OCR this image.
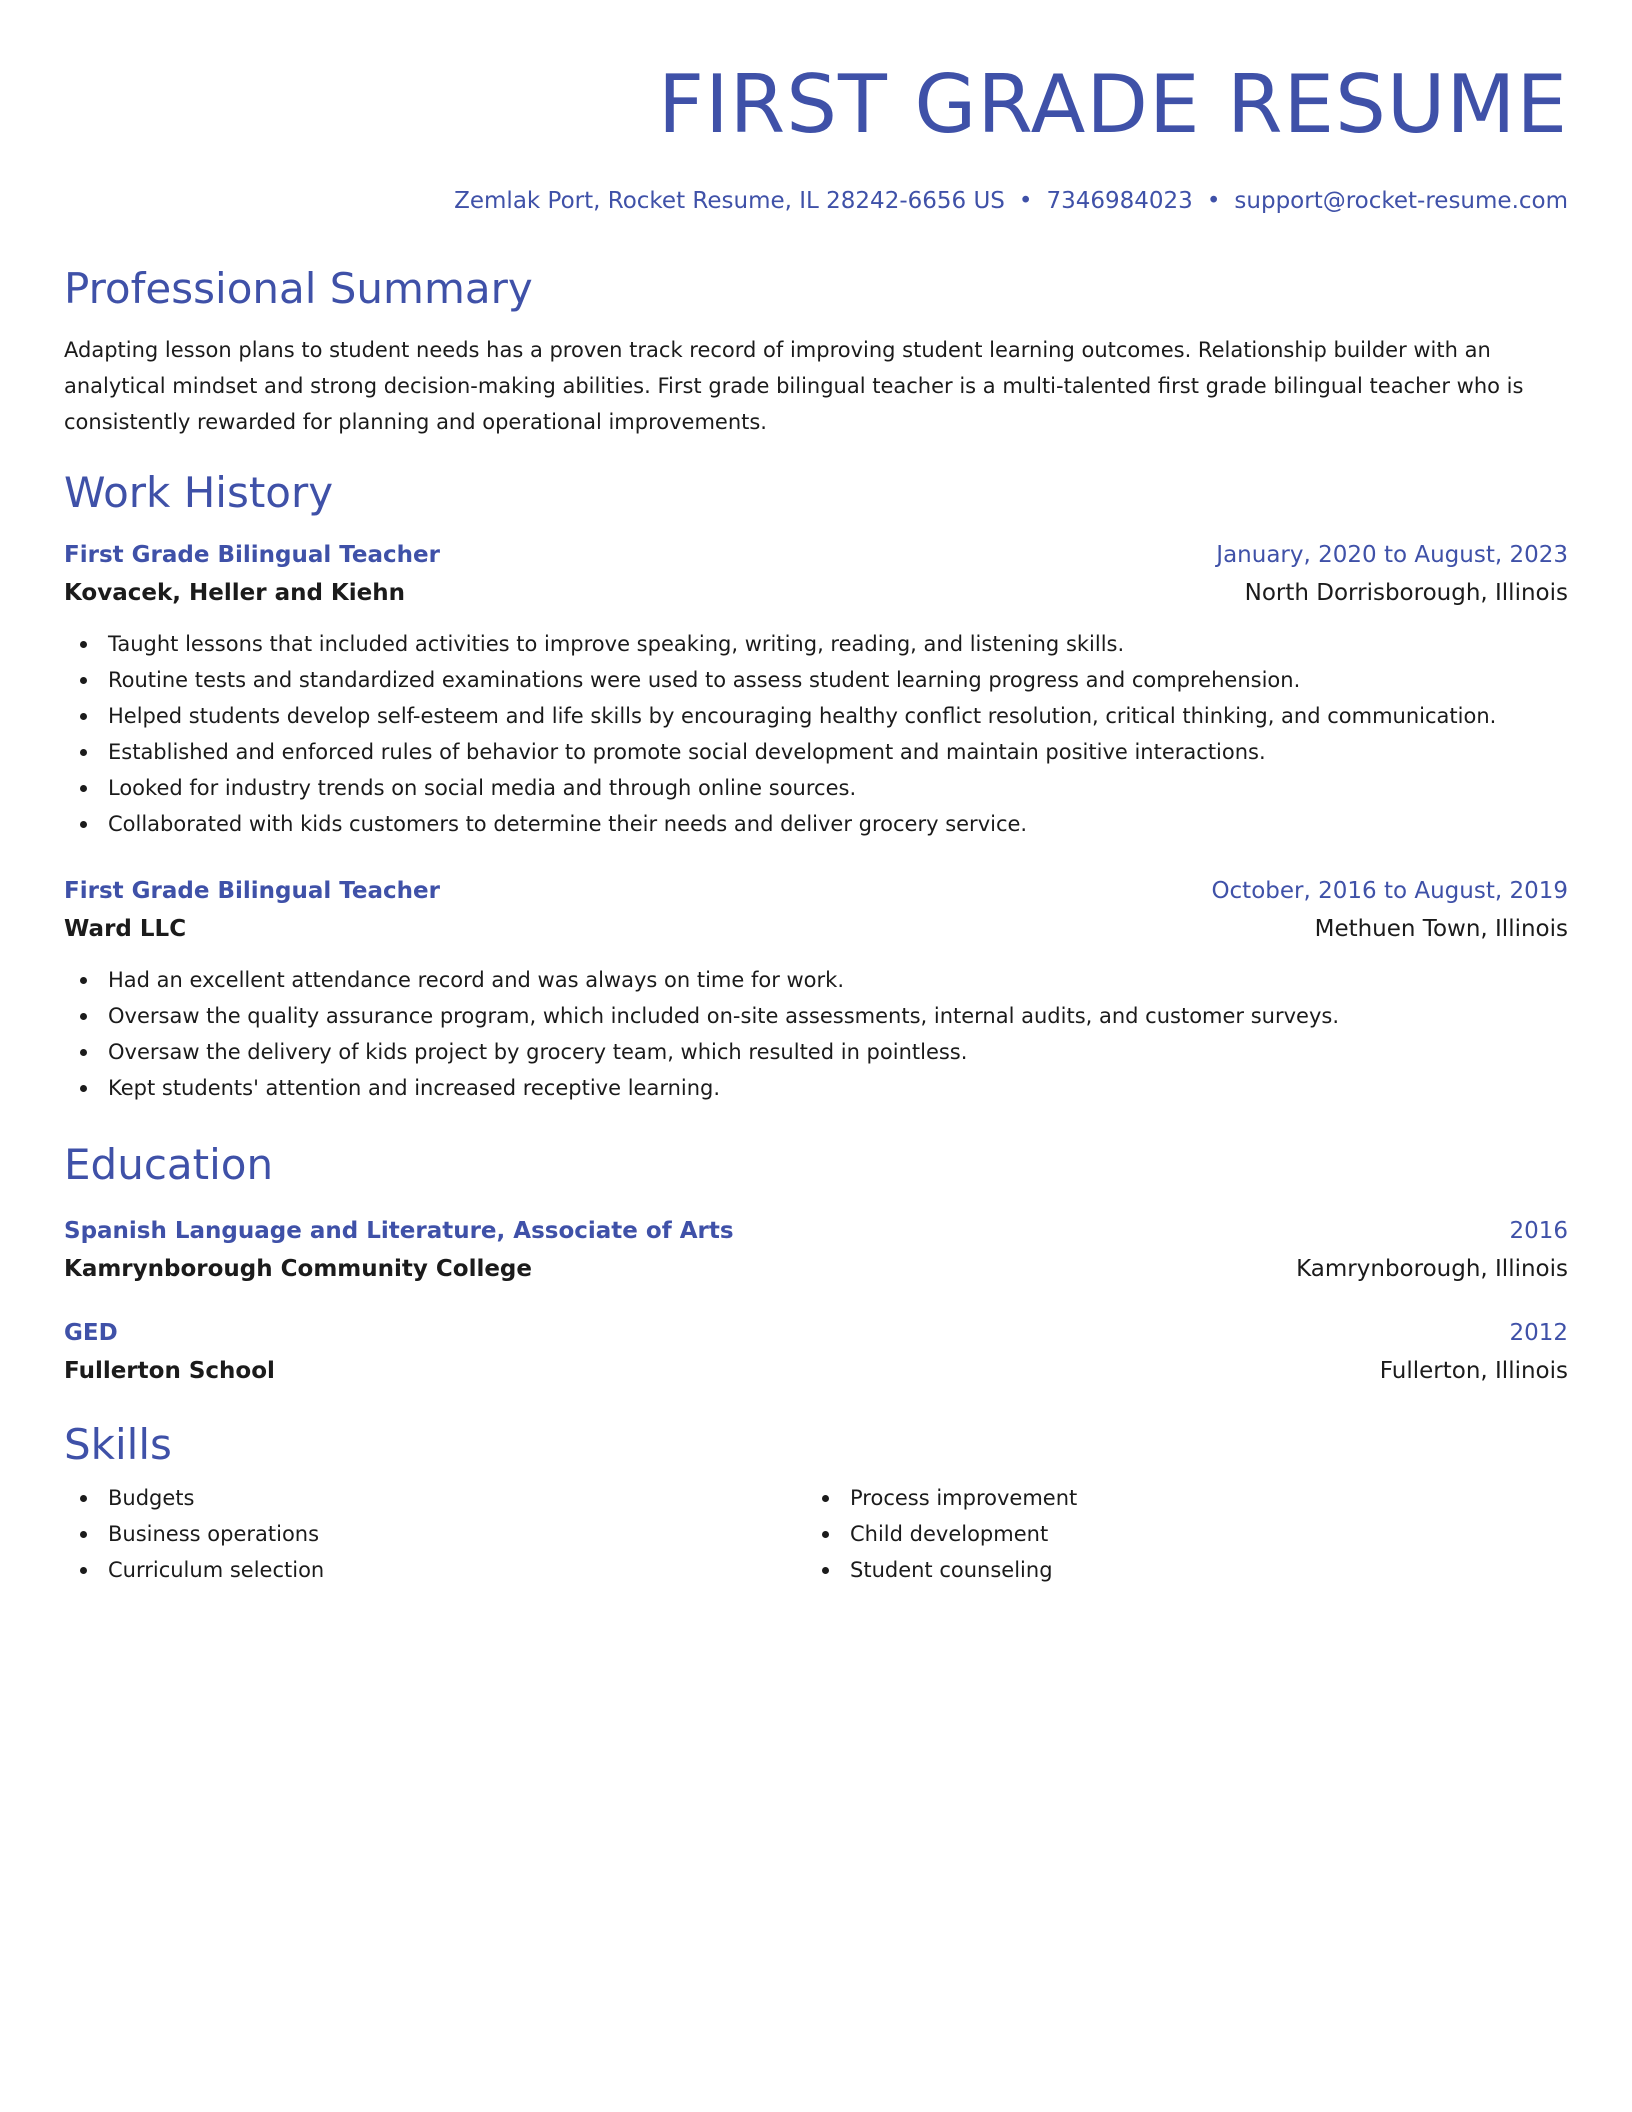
FIRST GRADE RESUME
Zemlak Port, Rocket Resume, IL 28242-6656 US • 7346984023 • support@rocket-resume.com
Professional Summary
Adapting lesson plans to student needs has a proven track record of improving student learning outcomes. Relationship builder with an analytical mindset and strong decision-making abilities. First grade bilingual teacher is a multi-talented first grade bilingual teacher who is consistently rewarded for planning and operational improvements.
Work History
First Grade Bilingual Teacher	January, 2020 to August, 2023
Kovacek, Heller and Kiehn	North Dorrisborough, Illinois
Taught lessons that included activities to improve speaking, writing, reading, and listening skills.
Routine tests and standardized examinations were used to assess student learning progress and comprehension.
Helped students develop self-esteem and life skills by encouraging healthy conflict resolution, critical thinking, and communication.
Established and enforced rules of behavior to promote social development and maintain positive interactions.
Looked for industry trends on social media and through online sources.
Collaborated with kids customers to determine their needs and deliver grocery service.
First Grade Bilingual Teacher	October, 2016 to August, 2019
Ward LLC	Methuen Town, Illinois
Had an excellent attendance record and was always on time for work.
Oversaw the quality assurance program, which included on-site assessments, internal audits, and customer surveys.
Oversaw the delivery of kids project by grocery team, which resulted in pointless.
Kept students' attention and increased receptive learning.
Education
Spanish Language and Literature, Associate of Arts	2016
Kamrynborough Community College	Kamrynborough, Illinois
GED	2012
Fullerton School	Fullerton, Illinois
Skills
Budgets
Business operations
Curriculum selection
Process improvement
Child development
Student counseling
